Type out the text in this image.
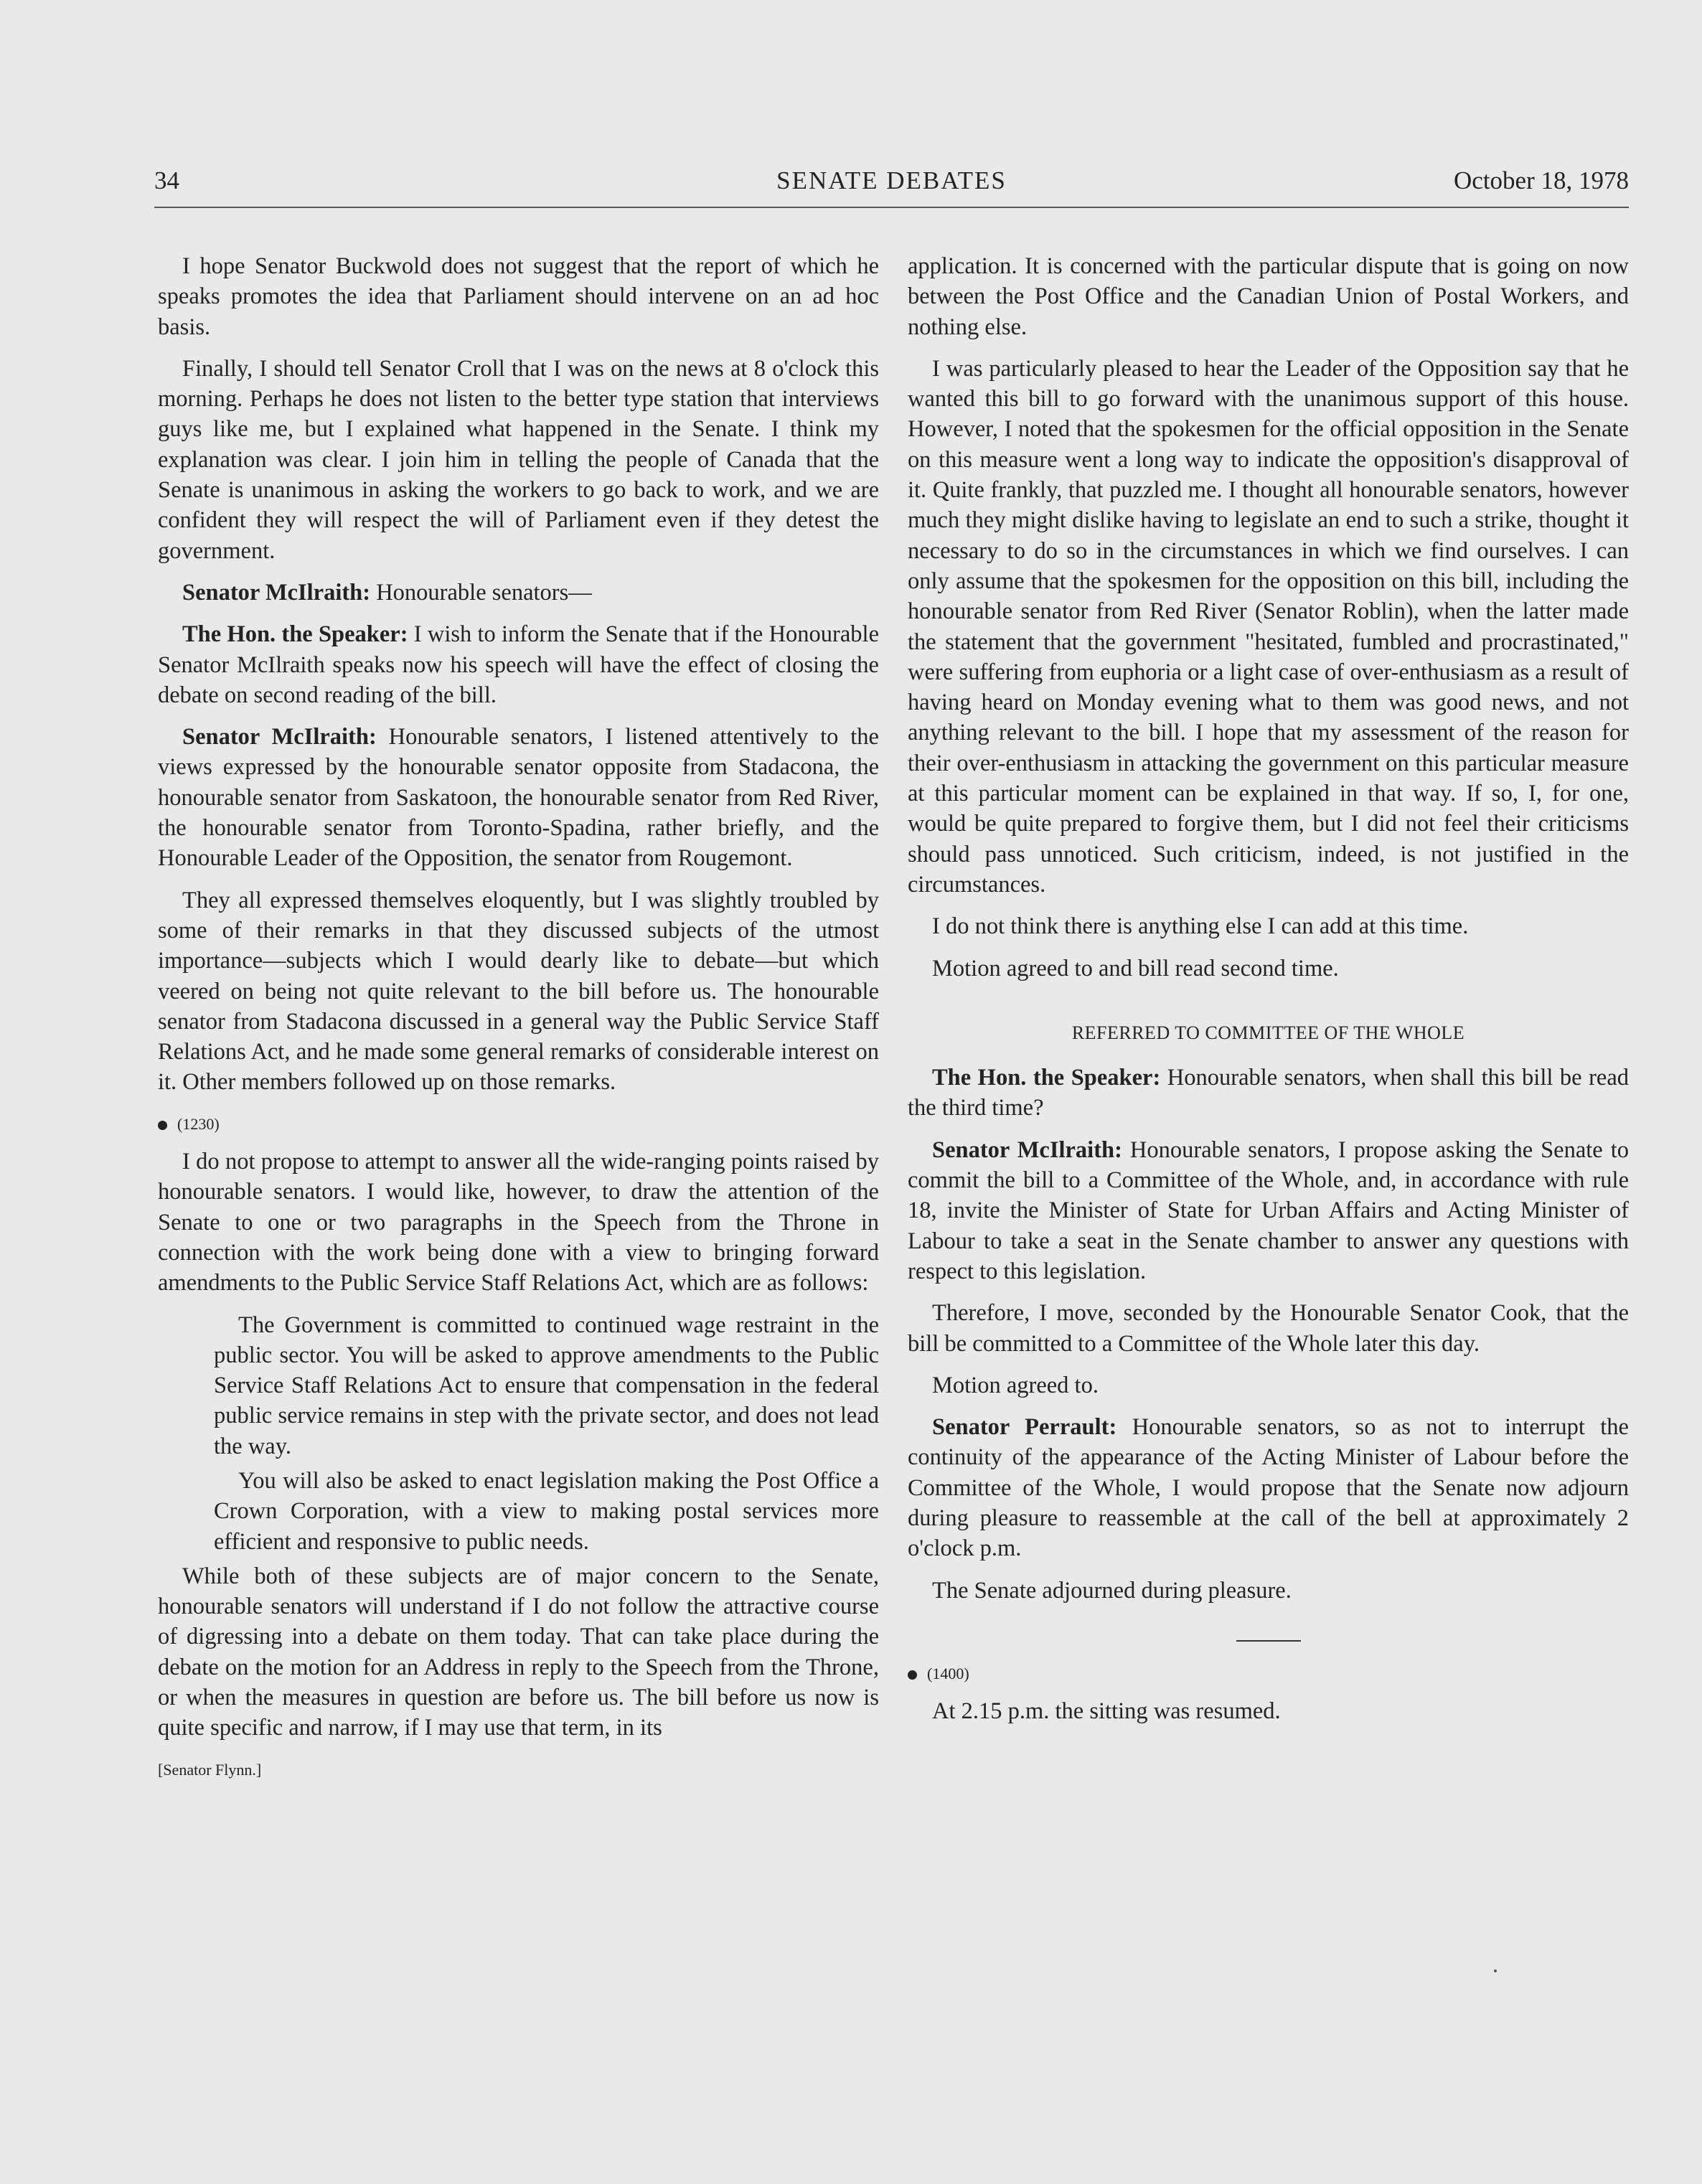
34	SENATE DEBATES	October 18, 1978

I hope Senator Buckwold does not suggest that the report of which he speaks promotes the idea that Parliament should intervene on an ad hoc basis.

Finally, I should tell Senator Croll that I was on the news at 8 o'clock this morning. Perhaps he does not listen to the better type station that interviews guys like me, but I explained what happened in the Senate. I think my explanation was clear. I join him in telling the people of Canada that the Senate is unanimous in asking the workers to go back to work, and we are confident they will respect the will of Parliament even if they detest the government.

Senator McIlraith: Honourable senators—

The Hon. the Speaker: I wish to inform the Senate that if the Honourable Senator McIlraith speaks now his speech will have the effect of closing the debate on second reading of the bill.

Senator McIlraith: Honourable senators, I listened attentively to the views expressed by the honourable senator opposite from Stadacona, the honourable senator from Saskatoon, the honourable senator from Red River, the honourable senator from Toronto-Spadina, rather briefly, and the Honourable Leader of the Opposition, the senator from Rougemont.

They all expressed themselves eloquently, but I was slightly troubled by some of their remarks in that they discussed subjects of the utmost importance—subjects which I would dearly like to debate—but which veered on being not quite relevant to the bill before us. The honourable senator from Stadacona discussed in a general way the Public Service Staff Relations Act, and he made some general remarks of considerable interest on it. Other members followed up on those remarks.

(1230)

I do not propose to attempt to answer all the wide-ranging points raised by honourable senators. I would like, however, to draw the attention of the Senate to one or two paragraphs in the Speech from the Throne in connection with the work being done with a view to bringing forward amendments to the Public Service Staff Relations Act, which are as follows:

The Government is committed to continued wage restraint in the public sector. You will be asked to approve amendments to the Public Service Staff Relations Act to ensure that compensation in the federal public service remains in step with the private sector, and does not lead the way.

You will also be asked to enact legislation making the Post Office a Crown Corporation, with a view to making postal services more efficient and responsive to public needs.

While both of these subjects are of major concern to the Senate, honourable senators will understand if I do not follow the attractive course of digressing into a debate on them today. That can take place during the debate on the motion for an Address in reply to the Speech from the Throne, or when the measures in question are before us. The bill before us now is quite specific and narrow, if I may use that term, in its

[Senator Flynn.]

application. It is concerned with the particular dispute that is going on now between the Post Office and the Canadian Union of Postal Workers, and nothing else.

I was particularly pleased to hear the Leader of the Opposition say that he wanted this bill to go forward with the unanimous support of this house. However, I noted that the spokesmen for the official opposition in the Senate on this measure went a long way to indicate the opposition's disapproval of it. Quite frankly, that puzzled me. I thought all honourable senators, however much they might dislike having to legislate an end to such a strike, thought it necessary to do so in the circumstances in which we find ourselves. I can only assume that the spokesmen for the opposition on this bill, including the honourable senator from Red River (Senator Roblin), when the latter made the statement that the government "hesitated, fumbled and procrastinated," were suffering from euphoria or a light case of over-enthusiasm as a result of having heard on Monday evening what to them was good news, and not anything relevant to the bill. I hope that my assessment of the reason for their over-enthusiasm in attacking the government on this particular measure at this particular moment can be explained in that way. If so, I, for one, would be quite prepared to forgive them, but I did not feel their criticisms should pass unnoticed. Such criticism, indeed, is not justified in the circumstances.

I do not think there is anything else I can add at this time.

Motion agreed to and bill read second time.

REFERRED TO COMMITTEE OF THE WHOLE

The Hon. the Speaker: Honourable senators, when shall this bill be read the third time?

Senator McIlraith: Honourable senators, I propose asking the Senate to commit the bill to a Committee of the Whole, and, in accordance with rule 18, invite the Minister of State for Urban Affairs and Acting Minister of Labour to take a seat in the Senate chamber to answer any questions with respect to this legislation.

Therefore, I move, seconded by the Honourable Senator Cook, that the bill be committed to a Committee of the Whole later this day.

Motion agreed to.

Senator Perrault: Honourable senators, so as not to interrupt the continuity of the appearance of the Acting Minister of Labour before the Committee of the Whole, I would propose that the Senate now adjourn during pleasure to reassemble at the call of the bell at approximately 2 o'clock p.m.

The Senate adjourned during pleasure.

(1400)

At 2.15 p.m. the sitting was resumed.
